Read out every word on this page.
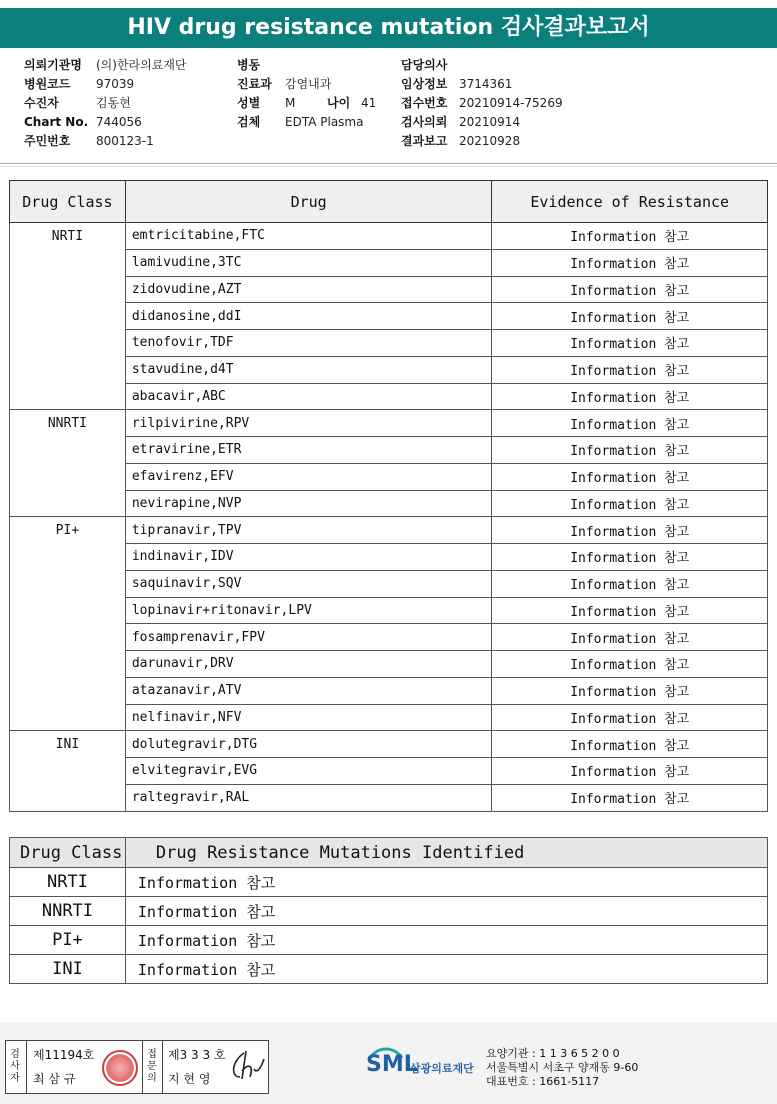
HIV drug resistance mutation 검사결과보고서
의뢰기관명	(의)한라의료재단
병원코드	97039
수진자	김동현
Chart No. 744056
주민번호	800123-1
병동
진료과	감염내과
성별	M	나이 41
검체	EDTA Plasma
담당의사
임상정보 3714361
접수번호 20210914-75269
검사의뢰 20210914
결과보고 20210928
Drug Class	Drug	Evidence of Resistance
NRTI	emtricitabine,FTC	Information 참고
	lamivudine,3TC	Information 참고
	zidovudine,AZT	Information 참고
	didanosine,ddI	Information 참고
	tenofovir,TDF	Information 참고
	stavudine,d4T	Information 참고
	abacavir,ABC	Information 참고
NNRTI	rilpivirine,RPV	Information 참고
	etravirine,ETR	Information 참고
	efavirenz,EFV	Information 참고
	nevirapine,NVP	Information 참고
PI+	tipranavir,TPV	Information 참고
	indinavir,IDV	Information 참고
	saquinavir,SQV	Information 참고
	lopinavir+ritonavir,LPV	Information 참고
	fosamprenavir,FPV	Information 참고
	darunavir,DRV	Information 참고
	atazanavir,ATV	Information 참고
	nelfinavir,NFV	Information 참고
INI	dolutegravir,DTG	Information 참고
	elvitegravir,EVG	Information 참고
	raltegravir,RAL	Information 참고
Drug Class	Drug Resistance Mutations Identified
NRTI	Information 참고
NNRTI	Information 참고
PI+	Information 참고
INI	Information 참고
검사자
제11194호
최 삼 규
접문의
제3 3 3 호
지 현 영
SML
삼광의료재단
요양기관 : 1 1 3 6 5 2 0 0
서울특별시 서초구 양재동 9-60
대표번호 : 1661-5117
